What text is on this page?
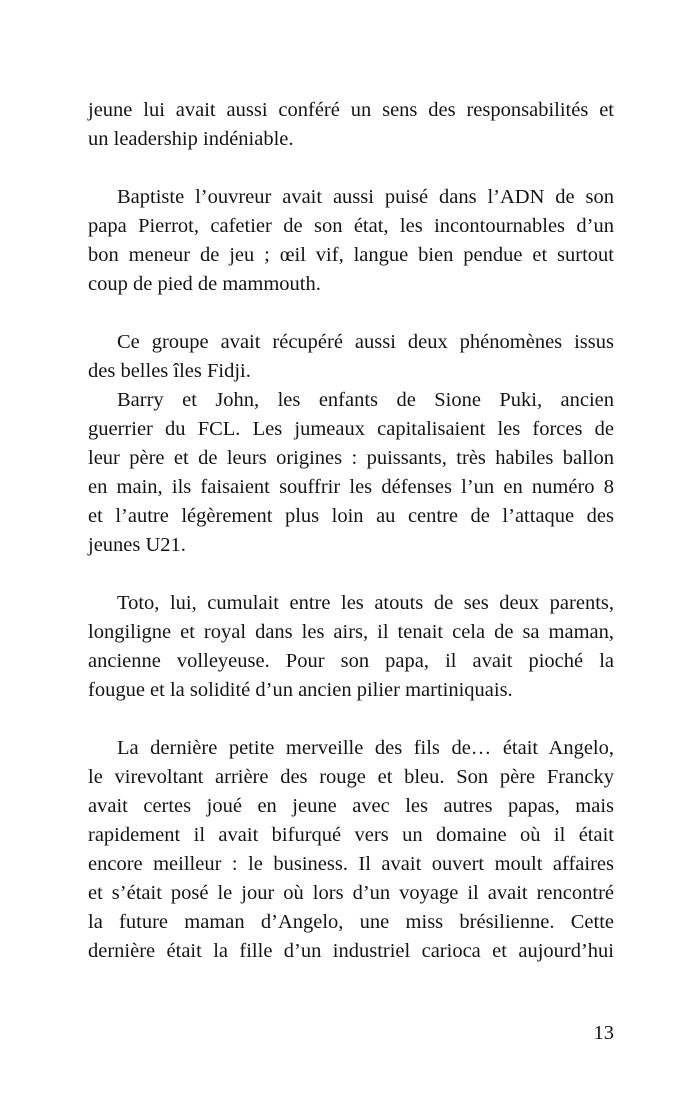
jeune lui avait aussi conféré un sens des responsabilités et
un leadership indéniable.
Baptiste l’ouvreur avait aussi puisé dans l’ADN de son
papa Pierrot, cafetier de son état, les incontournables d’un
bon meneur de jeu ; œil vif, langue bien pendue et surtout
coup de pied de mammouth.
Ce groupe avait récupéré aussi deux phénomènes issus
des belles îles Fidji.
Barry et John, les enfants de Sione Puki, ancien
guerrier du FCL. Les jumeaux capitalisaient les forces de
leur père et de leurs origines : puissants, très habiles ballon
en main, ils faisaient souffrir les défenses l’un en numéro 8
et l’autre légèrement plus loin au centre de l’attaque des
jeunes U21.
Toto, lui, cumulait entre les atouts de ses deux parents,
longiligne et royal dans les airs, il tenait cela de sa maman,
ancienne volleyeuse. Pour son papa, il avait pioché la
fougue et la solidité d’un ancien pilier martiniquais.
La dernière petite merveille des fils de… était Angelo,
le virevoltant arrière des rouge et bleu. Son père Francky
avait certes joué en jeune avec les autres papas, mais
rapidement il avait bifurqué vers un domaine où il était
encore meilleur : le business. Il avait ouvert moult affaires
et s’était posé le jour où lors d’un voyage il avait rencontré
la future maman d’Angelo, une miss brésilienne. Cette
dernière était la fille d’un industriel carioca et aujourd’hui
13
